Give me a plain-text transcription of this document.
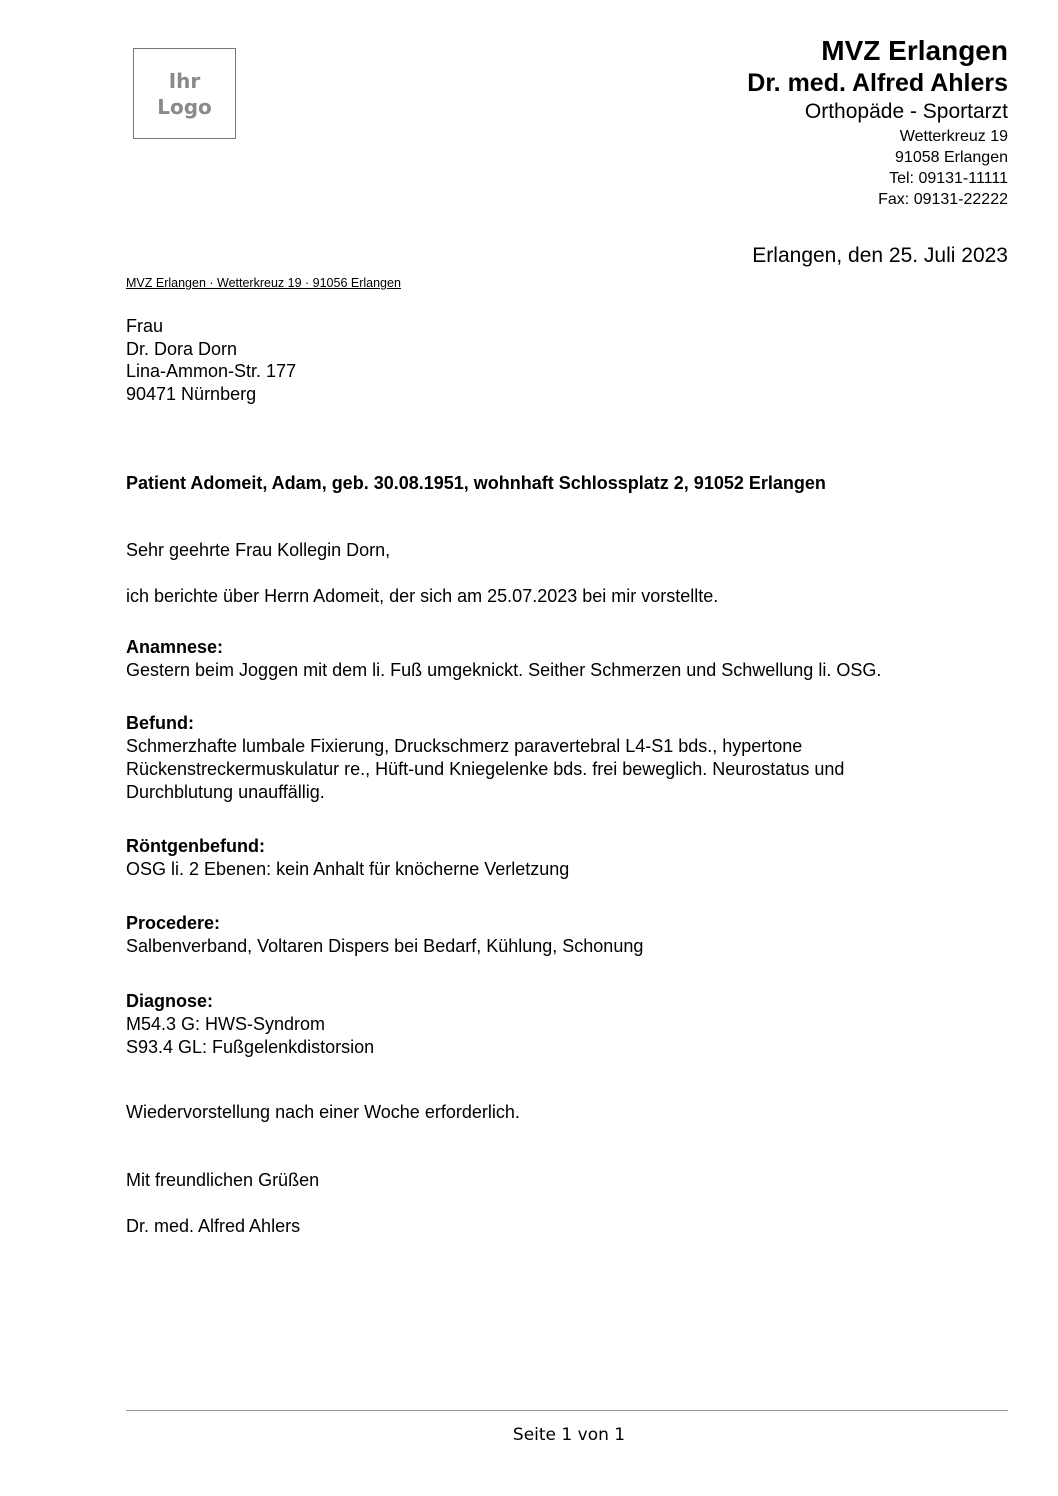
Ihr
Logo
MVZ Erlangen
Dr. med. Alfred Ahlers
Orthopäde - Sportarzt
Wetterkreuz 19
91058 Erlangen
Tel: 09131-11111
Fax: 09131-22222
Erlangen, den 25. Juli 2023
MVZ Erlangen · Wetterkreuz 19 · 91056 Erlangen
Frau
Dr. Dora Dorn
Lina-Ammon-Str. 177
90471 Nürnberg
Patient Adomeit, Adam, geb. 30.08.1951, wohnhaft Schlossplatz 2, 91052 Erlangen
Sehr geehrte Frau Kollegin Dorn,
ich berichte über Herrn Adomeit, der sich am 25.07.2023 bei mir vorstellte.
Anamnese:
Gestern beim Joggen mit dem li. Fuß umgeknickt. Seither Schmerzen und Schwellung li. OSG.
Befund:
Schmerzhafte lumbale Fixierung, Druckschmerz paravertebral L4-S1 bds., hypertone Rückenstreckermuskulatur re., Hüft-und Kniegelenke bds. frei beweglich. Neurostatus und Durchblutung unauffällig.
Röntgenbefund:
OSG li. 2 Ebenen: kein Anhalt für knöcherne Verletzung
Procedere:
Salbenverband, Voltaren Dispers bei Bedarf, Kühlung, Schonung
Diagnose:
M54.3 G: HWS-Syndrom
S93.4 GL: Fußgelenkdistorsion
Wiedervorstellung nach einer Woche erforderlich.
Mit freundlichen Grüßen
Dr. med. Alfred Ahlers
Seite 1 von 1
